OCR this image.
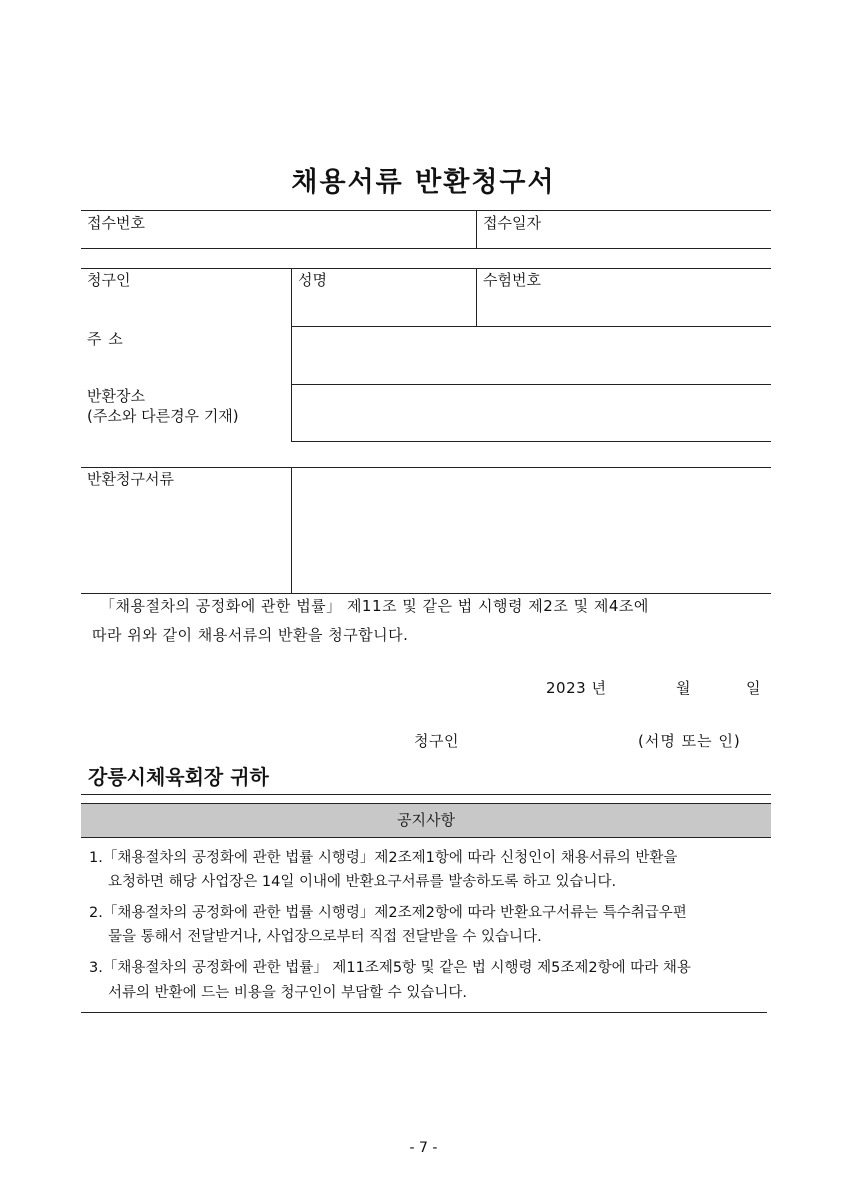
채용서류 반환청구서
접수번호	접수일자
청구인	성명	수험번호
주 소
반환장소
(주소와 다른경우 기재)
반환청구서류
「채용절차의 공정화에 관한 법률」 제11조 및 같은 법 시행령 제2조 및 제4조에
따라 위와 같이 채용서류의 반환을 청구합니다.
2023 년	월	일
청구인	(서명 또는 인)
강릉시체육회장 귀하
공지사항
1.「채용절차의 공정화에 관한 법률 시행령」제2조제1항에 따라 신청인이 채용서류의 반환을
요청하면 해당 사업장은 14일 이내에 반환요구서류를 발송하도록 하고 있습니다.
2.「채용절차의 공정화에 관한 법률 시행령」제2조제2항에 따라 반환요구서류는 특수취급우편
물을 통해서 전달받거나, 사업장으로부터 직접 전달받을 수 있습니다.
3.「채용절차의 공정화에 관한 법률」 제11조제5항 및 같은 법 시행령 제5조제2항에 따라 채용
서류의 반환에 드는 비용을 청구인이 부담할 수 있습니다.
- 7 -
